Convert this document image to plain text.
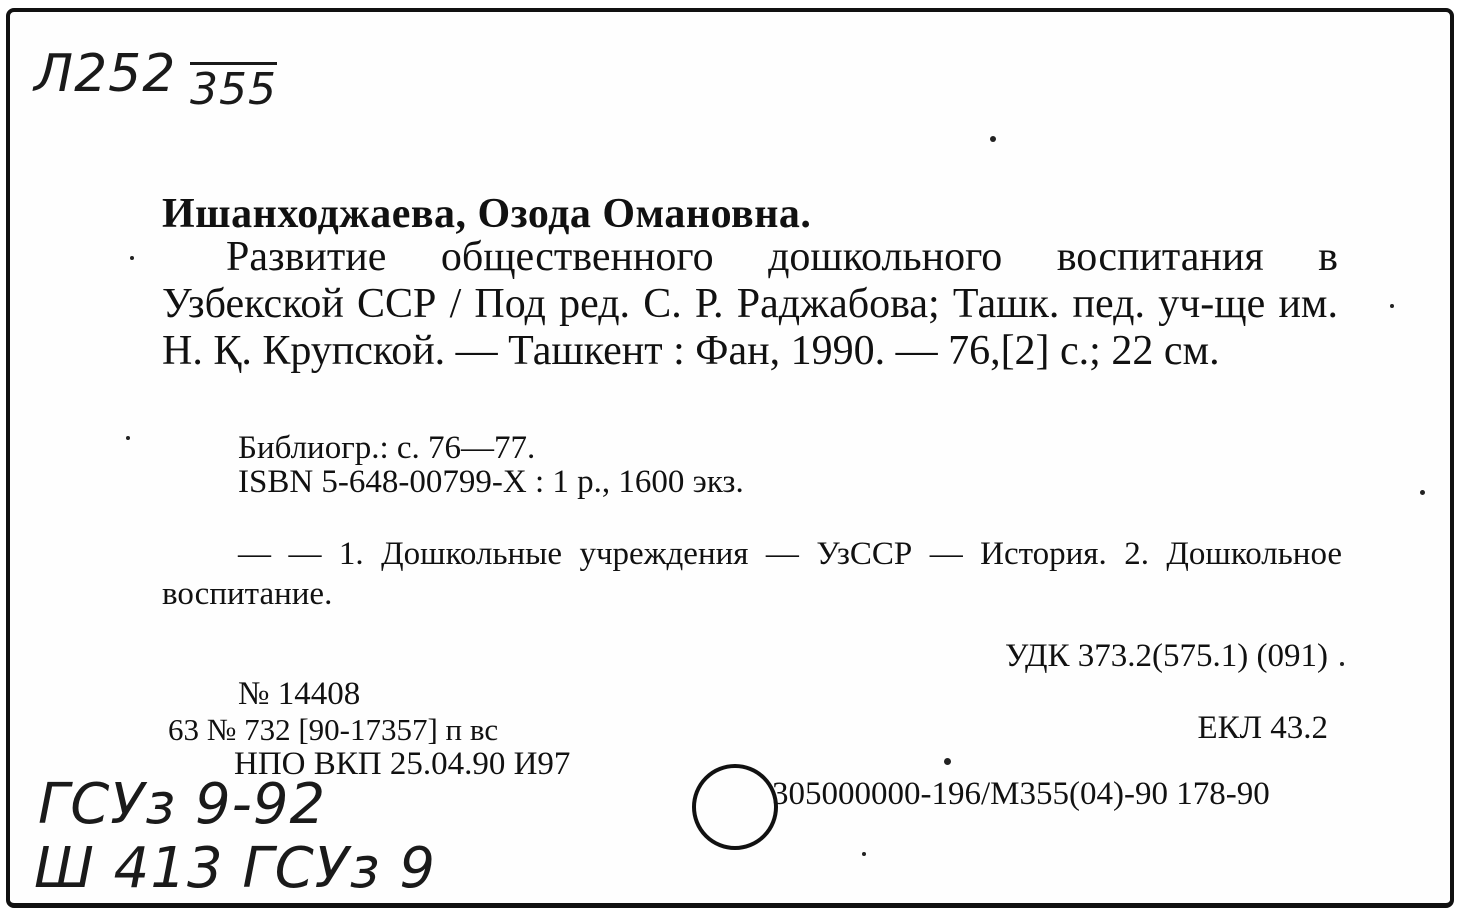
Л252 355
Ишанходжаева, Озода Омановна.
Развитие общественного дошкольного воспитания в Узбекской ССР / Под ред. С. Р. Раджабова; Ташк. пед. уч-ще им. Н. Қ. Крупской. — Ташкент : Фан, 1990. — 76,[2] с.; 22 см.
Библиогр.: с. 76—77.
ISBN 5-648-00799-X : 1 р., 1600 экз.
— — 1. Дошкольные учреждения — УзССР — История. 2. Дошкольное воспитание.
УДК 373.2(575.1) (091)
№ 14408
63 № 732 [90-17357] п вс	ЕКЛ 43.2
НПО ВКП 25.04.90 И97
305000000-196/М355(04)-90 178-90
ГСУз 9-92
Ш 413 ГСУз 9
